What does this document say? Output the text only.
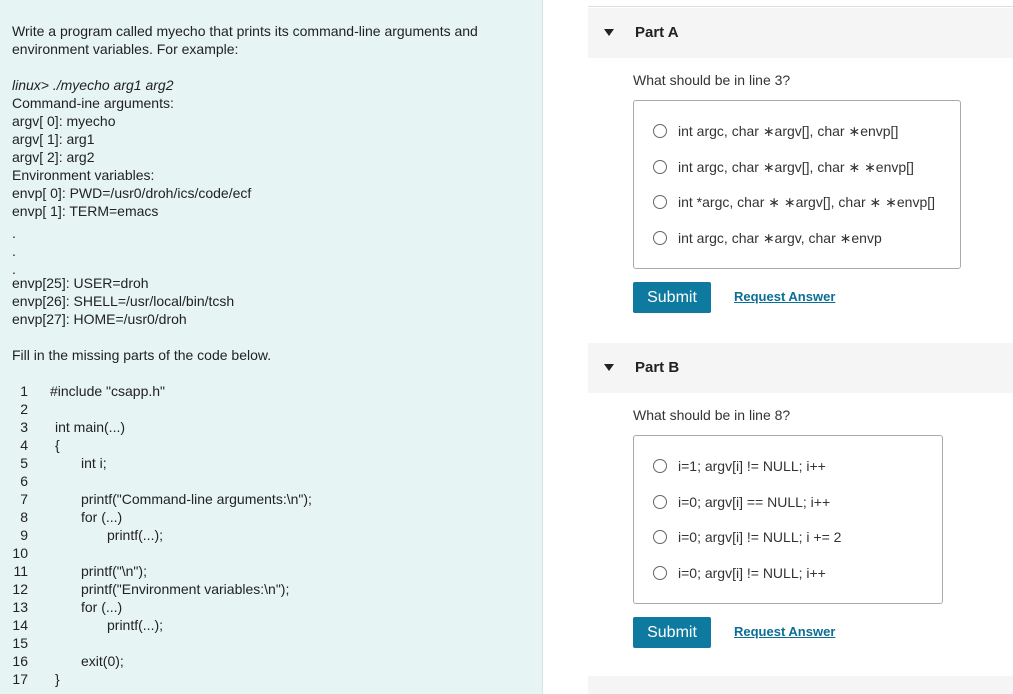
Write a program called myecho that prints its command-line arguments and environment variables. For example:
linux> ./myecho arg1 arg2
Command-ine arguments:
argv[ 0]: myecho
argv[ 1]: arg1
argv[ 2]: arg2
Environment variables:
envp[ 0]: PWD=/usr0/droh/ics/code/ecf
envp[ 1]: TERM=emacs
.
.
.
envp[25]: USER=droh
envp[26]: SHELL=/usr/local/bin/tcsh
envp[27]: HOME=/usr0/droh
Fill in the missing parts of the code below.
1 #include "csapp.h"
2
3 int main(...)
4 {
5	int i;
6
7	printf("Command-line arguments:\n");
8	for (...)
9	printf(...);
10
11	printf("\n");
12	printf("Environment variables:\n");
13	for (...)
14	printf(...);
15
16	exit(0);
17 }
Part A
What should be in line 3?
int argc, char ∗argv[], char ∗envp[]
int argc, char ∗argv[], char ∗ ∗envp[]
int *argc, char ∗ ∗argv[], char ∗ ∗envp[]
int argc, char ∗argv, char ∗envp
Submit	Request Answer
Part B
What should be in line 8?
i=1; argv[i] != NULL; i++
i=0; argv[i] == NULL; i++
i=0; argv[i] != NULL; i += 2
i=0; argv[i] != NULL; i++
Submit	Request Answer
